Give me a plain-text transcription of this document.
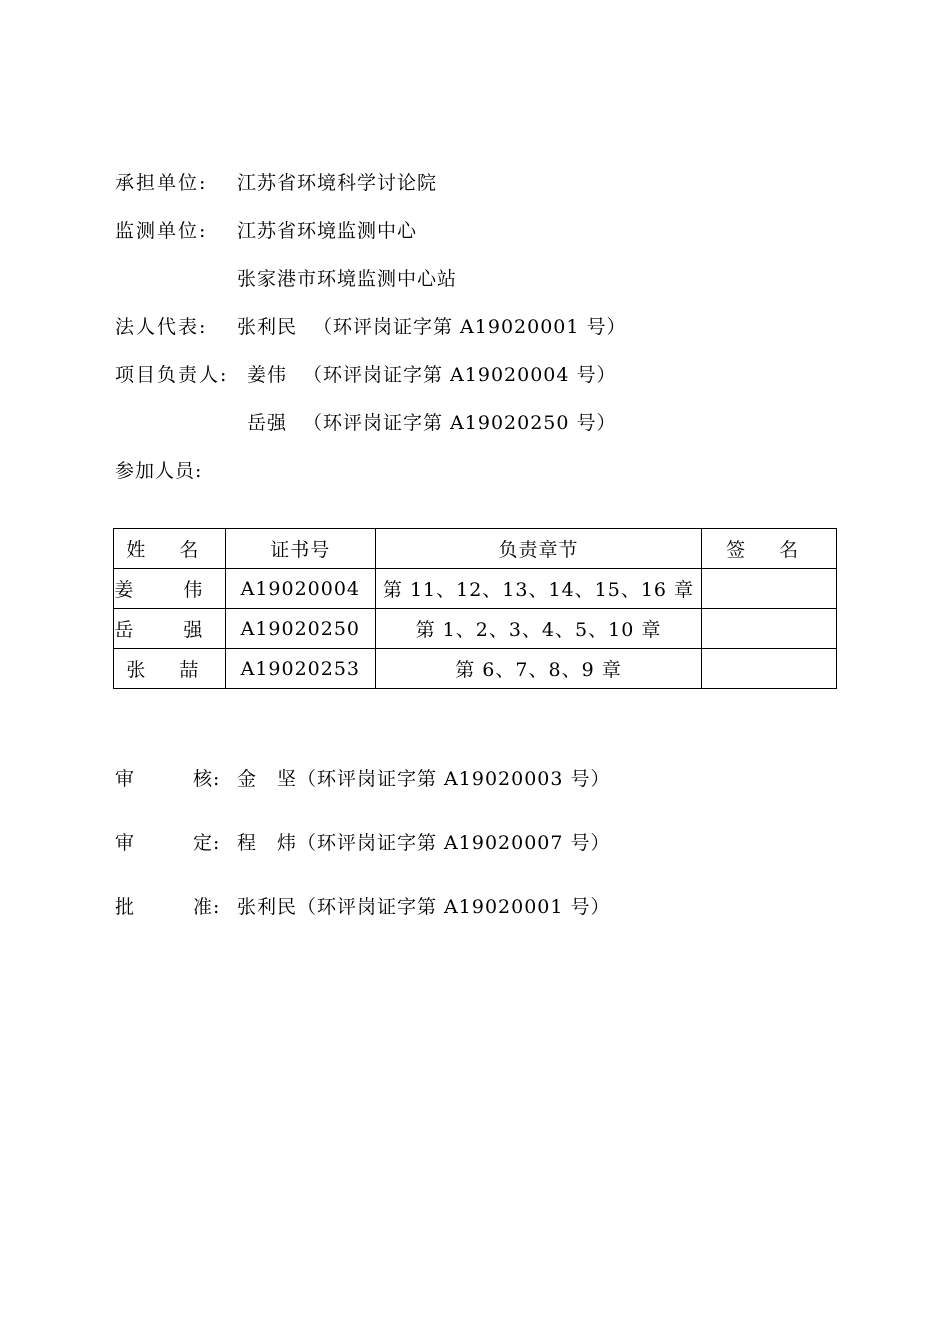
承担单位: 江苏省环境科学讨论院
监测单位: 江苏省环境监测中心
张家港市环境监测中心站
法人代表: 张利民 （环评岗证字第 A19020001 号）
项目负责人: 姜伟 （环评岗证字第 A19020004 号）
岳强 （环评岗证字第 A19020250 号）
参加人员:
姓 名	证书号	负责章节	签 名
姜 伟	A19020004	第 11、12、13、14、15、16 章	
岳 强	A19020250	第 1、2、3、4、5、10 章	
张 喆	A19020253	第 6、7、8、9 章	
审	核: 金　坚（环评岗证字第 A19020003 号）
审	定: 程　炜（环评岗证字第 A19020007 号）
批	准: 张利民（环评岗证字第 A19020001 号）
